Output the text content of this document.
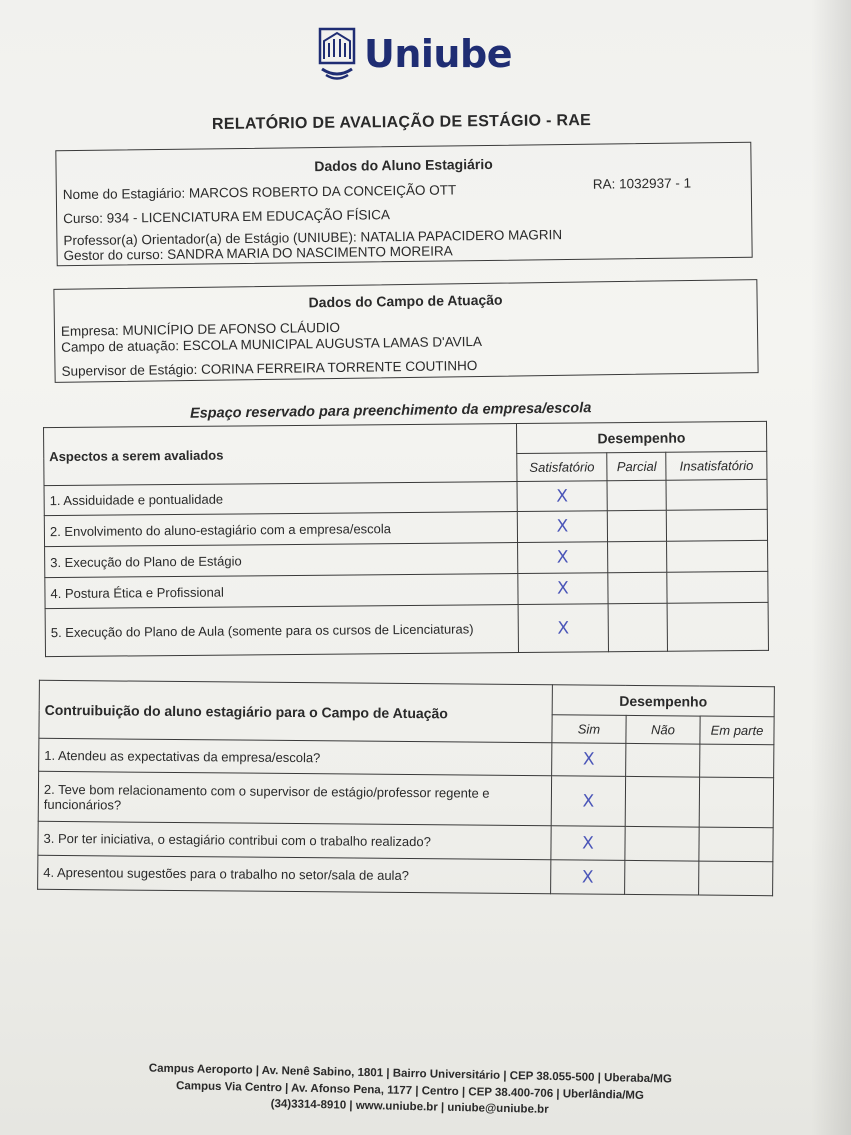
Uniube
RELATÓRIO DE AVALIAÇÃO DE ESTÁGIO - RAE
Dados do Aluno Estagiário
Nome do Estagiário: MARCOS ROBERTO DA CONCEIÇÃO OTT	RA: 1032937 - 1
Curso: 934 - LICENCIATURA EM EDUCAÇÃO FÍSICA
Professor(a) Orientador(a) de Estágio (UNIUBE): NATALIA PAPACIDERO MAGRIN
Gestor do curso: SANDRA MARIA DO NASCIMENTO MOREIRA
Dados do Campo de Atuação
Empresa: MUNICÍPIO DE AFONSO CLÁUDIO
Campo de atuação: ESCOLA MUNICIPAL AUGUSTA LAMAS D'AVILA
Supervisor de Estágio: CORINA FERREIRA TORRENTE COUTINHO
Espaço reservado para preenchimento da empresa/escola
Aspectos a serem avaliados	Desempenho		
	Satisfatório	Parcial	Insatisfatório
1. Assiduidade e pontualidade	X		
2. Envolvimento do aluno-estagiário com a empresa/escola	X		
3. Execução do Plano de Estágio	X		
4. Postura Ética e Profissional	X		
5. Execução do Plano de Aula (somente para os cursos de Licenciaturas)	X		
Contruibuição do aluno estagiário para o Campo de Atuação	Desempenho		
	Sim	Não	Em parte
1. Atendeu as expectativas da empresa/escola?	X		
2. Teve bom relacionamento com o supervisor de estágio/professor regente e funcionários?	X		
3. Por ter iniciativa, o estagiário contribui com o trabalho realizado?	X		
4. Apresentou sugestões para o trabalho no setor/sala de aula?	X		
Campus Aeroporto | Av. Nenê Sabino, 1801 | Bairro Universitário | CEP 38.055-500 | Uberaba/MG
Campus Via Centro | Av. Afonso Pena, 1177 | Centro | CEP 38.400-706 | Uberlândia/MG
(34)3314-8910 | www.uniube.br | uniube@uniube.br
